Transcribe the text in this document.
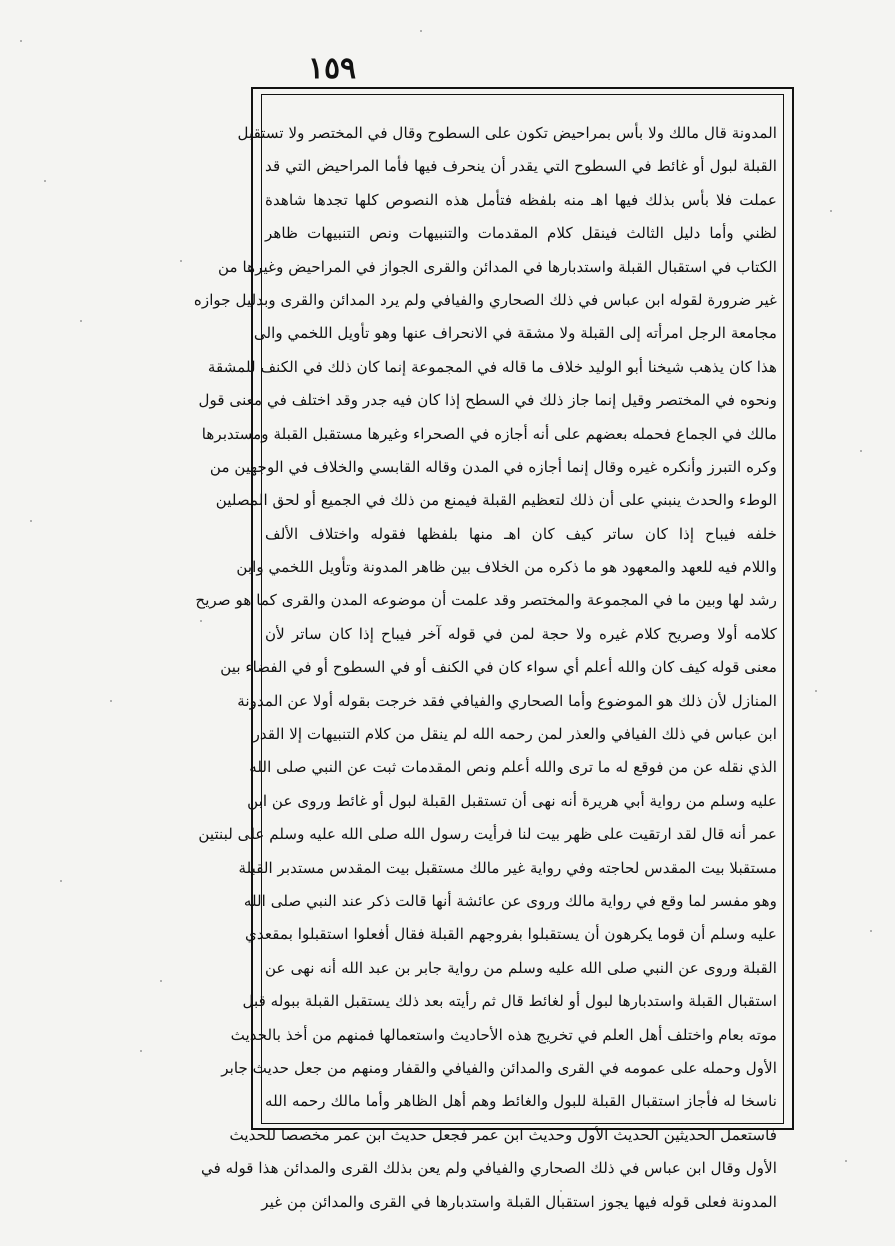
١٥٩
المدونة قال مالك ولا بأس بمراحيض تكون على السطوح وقال في المختصر ولا تستقبل
القبلة لبول أو غائط في السطوح التي يقدر أن ينحرف فيها فأما المراحيض التي قد
عملت فلا بأس بذلك فيها اهـ منه بلفظه فتأمل هذه النصوص كلها تجدها شاهدة
لظني وأما دليل الثالث فينقل كلام المقدمات والتنبيهات ونص التنبيهات ظاهر
الكتاب في استقبال القبلة واستدبارها في المدائن والقرى الجواز في المراحيض وغيرها من
غير ضرورة لقوله ابن عباس في ذلك الصحاري والفيافي ولم يرد المدائن والقرى وبدليل جوازه
مجامعة الرجل امرأته إلى القبلة ولا مشقة في الانحراف عنها وهو تأويل اللخمي والى
هذا كان يذهب شيخنا أبو الوليد خلاف ما قاله في المجموعة إنما كان ذلك في الكنف للمشقة
ونحوه في المختصر وقيل إنما جاز ذلك في السطح إذا كان فيه جدر وقد اختلف في معنى قول
مالك في الجماع فحمله بعضهم على أنه أجازه في الصحراء وغيرها مستقبل القبلة ومستدبرها
وكره التبرز وأنكره غيره وقال إنما أجازه في المدن وقاله القابسي والخلاف في الوجهين من
الوطء والحدث ينبني على أن ذلك لتعظيم القبلة فيمنع من ذلك في الجميع أو لحق المصلين
خلفه فيباح إذا كان ساتر كيف كان اهـ منها بلفظها فقوله واختلاف الألف
واللام فيه للعهد والمعهود هو ما ذكره من الخلاف بين ظاهر المدونة وتأويل اللخمي وابن
رشد لها وبين ما في المجموعة والمختصر وقد علمت أن موضوعه المدن والقرى كما هو صريح
كلامه أولا وصريح كلام غيره ولا حجة لمن في قوله آخر فيباح إذا كان ساتر لأن
معنى قوله كيف كان والله أعلم أي سواء كان في الكنف أو في السطوح أو في الفضاء بين
المنازل لأن ذلك هو الموضوع وأما الصحاري والفيافي فقد خرجت بقوله أولا عن المدونة
ابن عباس في ذلك الفيافي والعذر لمن رحمه الله لم ينقل من كلام التنبيهات إلا القدر
الذي نقله عن من فوقع له ما ترى والله أعلم ونص المقدمات ثبت عن النبي صلى الله
عليه وسلم من رواية أبي هريرة أنه نهى أن تستقبل القبلة لبول أو غائط وروى عن ابن
عمر أنه قال لقد ارتقيت على ظهر بيت لنا فرأيت رسول الله صلى الله عليه وسلم على لبنتين
مستقبلا بيت المقدس لحاجته وفي رواية غير مالك مستقبل بيت المقدس مستدبر القبلة
وهو مفسر لما وقع في رواية مالك وروى عن عائشة أنها قالت ذكر عند النبي صلى الله
عليه وسلم أن قوما يكرهون أن يستقبلوا بفروجهم القبلة فقال أفعلوا استقبلوا بمقعدي
القبلة وروى عن النبي صلى الله عليه وسلم من رواية جابر بن عبد الله أنه نهى عن
استقبال القبلة واستدبارها لبول أو لغائط قال ثم رأيته بعد ذلك يستقبل القبلة ببوله قبل
موته بعام واختلف أهل العلم في تخريج هذه الأحاديث واستعمالها فمنهم من أخذ بالحديث
الأول وحمله على عمومه في القرى والمدائن والفيافي والقفار ومنهم من جعل حديث جابر
ناسخا له فأجاز استقبال القبلة للبول والغائط وهم أهل الظاهر وأما مالك رحمه الله
فاستعمل الحديثين الحديث الأول وحديث ابن عمر فجعل حديث ابن عمر مخصصا للحديث
الأول وقال ابن عباس في ذلك الصحاري والفيافي ولم يعن بذلك القرى والمدائن هذا قوله في
المدونة فعلى قوله فيها يجوز استقبال القبلة واستدبارها في القرى والمدائن من غير
